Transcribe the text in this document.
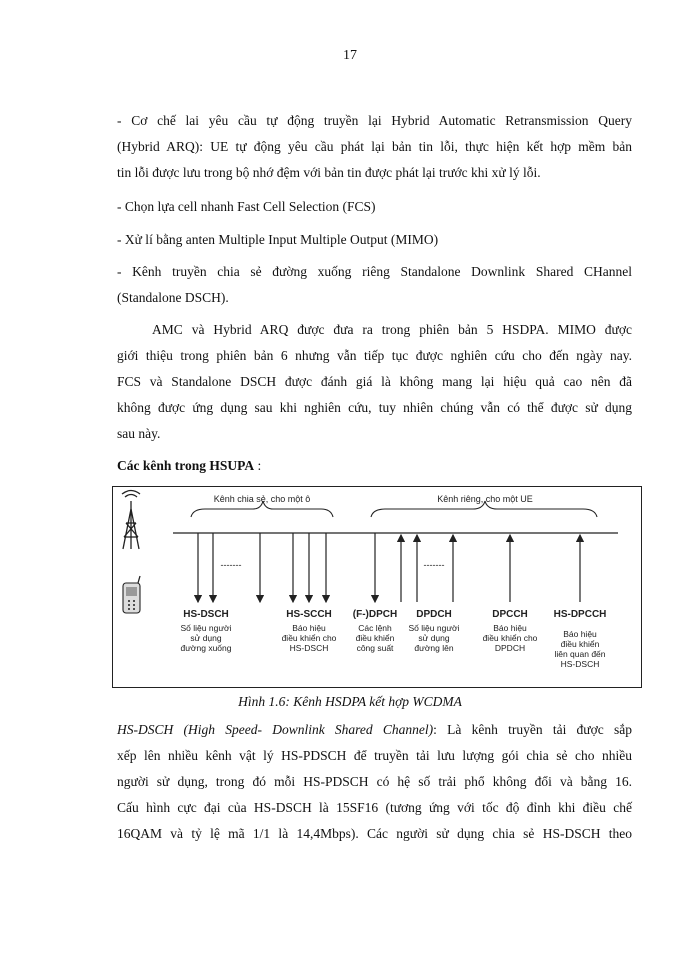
17
- Cơ chế lai yêu cầu tự động truyền lại Hybrid Automatic Retransmission Query
(Hybrid ARQ): UE tự động yêu cầu phát lại bản tin lỗi, thực hiện kết hợp mềm bản
tin lỗi được lưu trong bộ nhớ đệm với bản tin được phát lại trước khi xử lý lỗi.
- Chọn lựa cell nhanh Fast Cell Selection (FCS)
- Xử lí bằng anten Multiple Input Multiple Output (MIMO)
- Kênh truyền chia sẻ đường xuống riêng Standalone Downlink Shared CHannel
(Standalone DSCH).
AMC và Hybrid ARQ được đưa ra trong phiên bản 5 HSDPA. MIMO được
giới thiệu trong phiên bản 6 nhưng vẫn tiếp tục được nghiên cứu cho đến ngày nay.
FCS và Standalone DSCH được đánh giá là không mang lại hiệu quả cao nên đã
không được ứng dụng sau khi nghiên cứu, tuy nhiên chúng vẫn có thể được sử dụng
sau này.
Các kênh trong HSUPA :
Kênh chia sẻ, cho một ô	Kênh riêng, cho một UE
-------	-------
HS-DSCH	HS-SCCH (F-)DPCH DPDCH	DPCCH	HS-DPCCH
Số liệu người
sử dụng
đường xuống
Báo hiệu
điều khiển cho
HS-DSCH
Các lệnh
điều khiển
công suất
Số liệu người
sử dụng
đường lên
Báo hiệu
điều khiển cho
DPDCH
Báo hiệu
điều khiển
liên quan đến
HS-DSCH
Hình 1.6: Kênh HSDPA kết hợp WCDMA
HS-DSCH (High Speed- Downlink Shared Channel): Là kênh truyền tải được sắp
xếp lên nhiều kênh vật lý HS-PDSCH để truyền tải lưu lượng gói chia sẻ cho nhiều
người sử dụng, trong đó mỗi HS-PDSCH có hệ số trải phổ không đổi và bằng 16.
Cấu hình cực đại của HS-DSCH là 15SF16 (tương ứng với tốc độ đỉnh khi điều chế
16QAM và tỷ lệ mã 1/1 là 14,4Mbps). Các người sử dụng chia sẻ HS-DSCH theo
